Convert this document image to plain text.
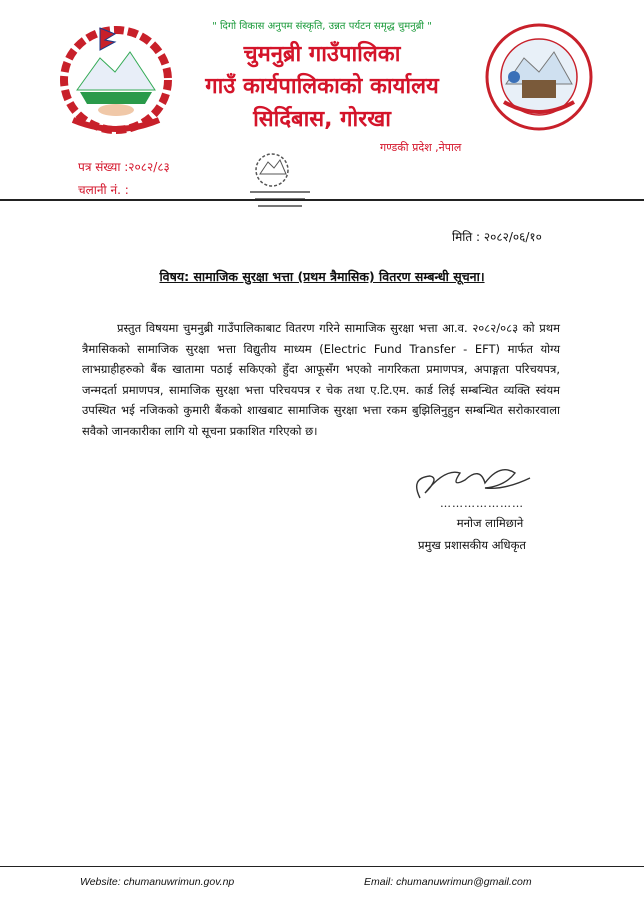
" दिगो विकास अनुपम संस्कृति, उन्नत पर्यटन समृद्ध चुमनुब्री "
चुमनुब्री गाउँपालिका
गाउँ कार्यपालिकाको कार्यालय
सिर्दिबास, गोरखा
गण्डकी प्रदेश ,नेपाल
पत्र संख्या :२०८२/८३
चलानी नं. :
मिति : २०८२/०६/१०
विषय: सामाजिक सुरक्षा भत्ता (प्रथम त्रैमासिक) वितरण सम्बन्धी सूचना।
प्रस्तुत विषयमा चुमनुब्री गाउँपालिकाबाट वितरण गरिने सामाजिक सुरक्षा भत्ता आ.व. २०८२/०८३ को प्रथम त्रैमासिकको सामाजिक सुरक्षा भत्ता विद्युतीय माध्यम (Electric Fund Transfer - EFT) मार्फत योग्य लाभग्राहीहरुको बैंक खातामा पठाई सकिएको हुँदा आफूसँग भएको नागरिकता प्रमाणपत्र, अपाङ्गता परिचयपत्र, जन्मदर्ता प्रमाणपत्र, सामाजिक सुरक्षा भत्ता परिचयपत्र र चेक तथा ए.टि.एम. कार्ड लिई सम्बन्धित व्यक्ति स्वंयम उपस्थित भई नजिकको कुमारी बैंकको शाखबाट सामाजिक सुरक्षा भत्ता रकम बुझिलिनुहुन सम्बन्धित सरोकारवाला सवैको जानकारीका लागि यो सूचना प्रकाशित गरिएको छ।
…………………
मनोज लामिछाने
प्रमुख प्रशासकीय अधिकृत
Website: chumanuwrimun.gov.np	Email: chumanuwrimun@gmail.com
